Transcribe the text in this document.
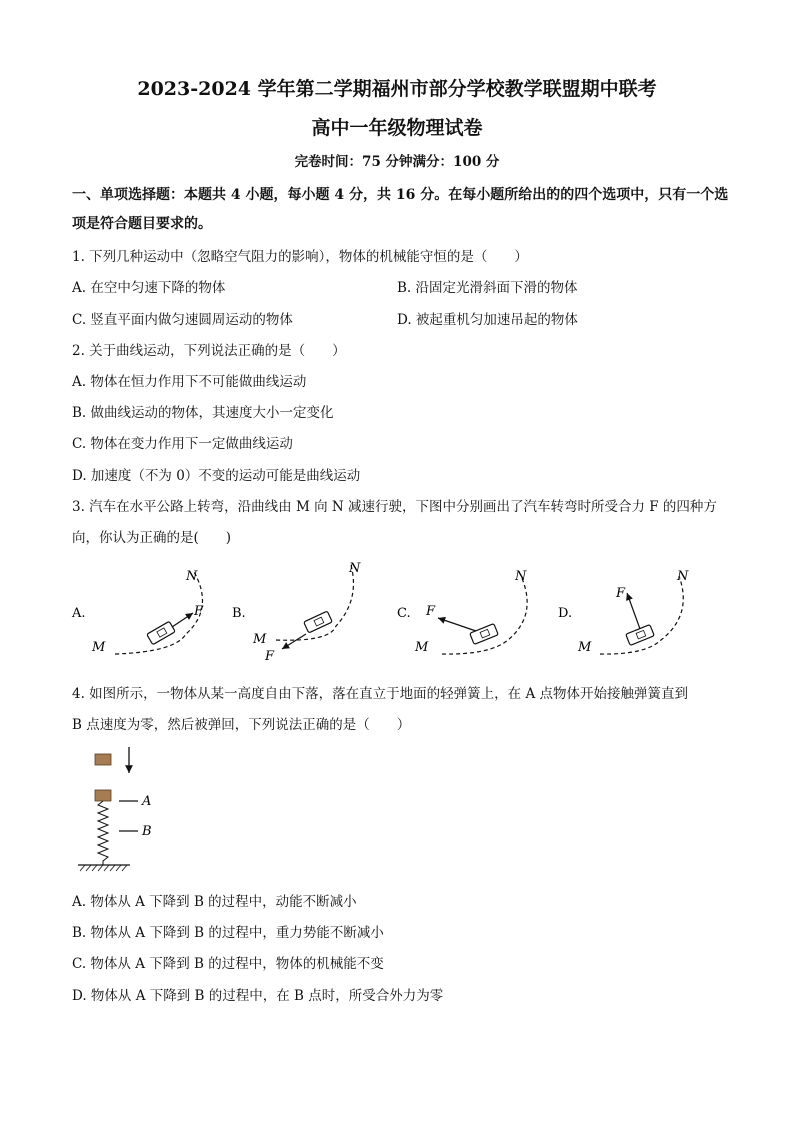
2023-2024 学年第二学期福州市部分学校教学联盟期中联考
高中一年级物理试卷
完卷时间：75 分钟满分：100 分
一、单项选择题：本题共 4 小题，每小题 4 分，共 16 分。在每小题所给出的的四个选项中，只有一个选项是符合题目要求的。
1. 下列几种运动中（忽略空气阻力的影响），物体的机械能守恒的是（　　）
A. 在空中匀速下降的物体	B. 沿固定光滑斜面下滑的物体
C. 竖直平面内做匀速圆周运动的物体	D. 被起重机匀加速吊起的物体
2. 关于曲线运动，下列说法正确的是（　　）
A. 物体在恒力作用下不可能做曲线运动
B. 做曲线运动的物体，其速度大小一定变化
C. 物体在变力作用下一定做曲线运动
D. 加速度（不为 0）不变的运动可能是曲线运动
3. 汽车在水平公路上转弯，沿曲线由 M 向 N 减速行驶，下图中分别画出了汽车转弯时所受合力 F 的四种方
向，你认为正确的是(　　)
A.	F
M
N
B.
F
M
N
C. F
M
N
D.
F
M
N
4. 如图所示，一物体从某一高度自由下落，落在直立于地面的轻弹簧上，在 A 点物体开始接触弹簧直到
B 点速度为零，然后被弹回，下列说法正确的是（　　）
A
B
A. 物体从 A 下降到 B 的过程中，动能不断减小
B. 物体从 A 下降到 B 的过程中，重力势能不断减小
C. 物体从 A 下降到 B 的过程中，物体的机械能不变
D. 物体从 A 下降到 B 的过程中，在 B 点时，所受合外力为零
